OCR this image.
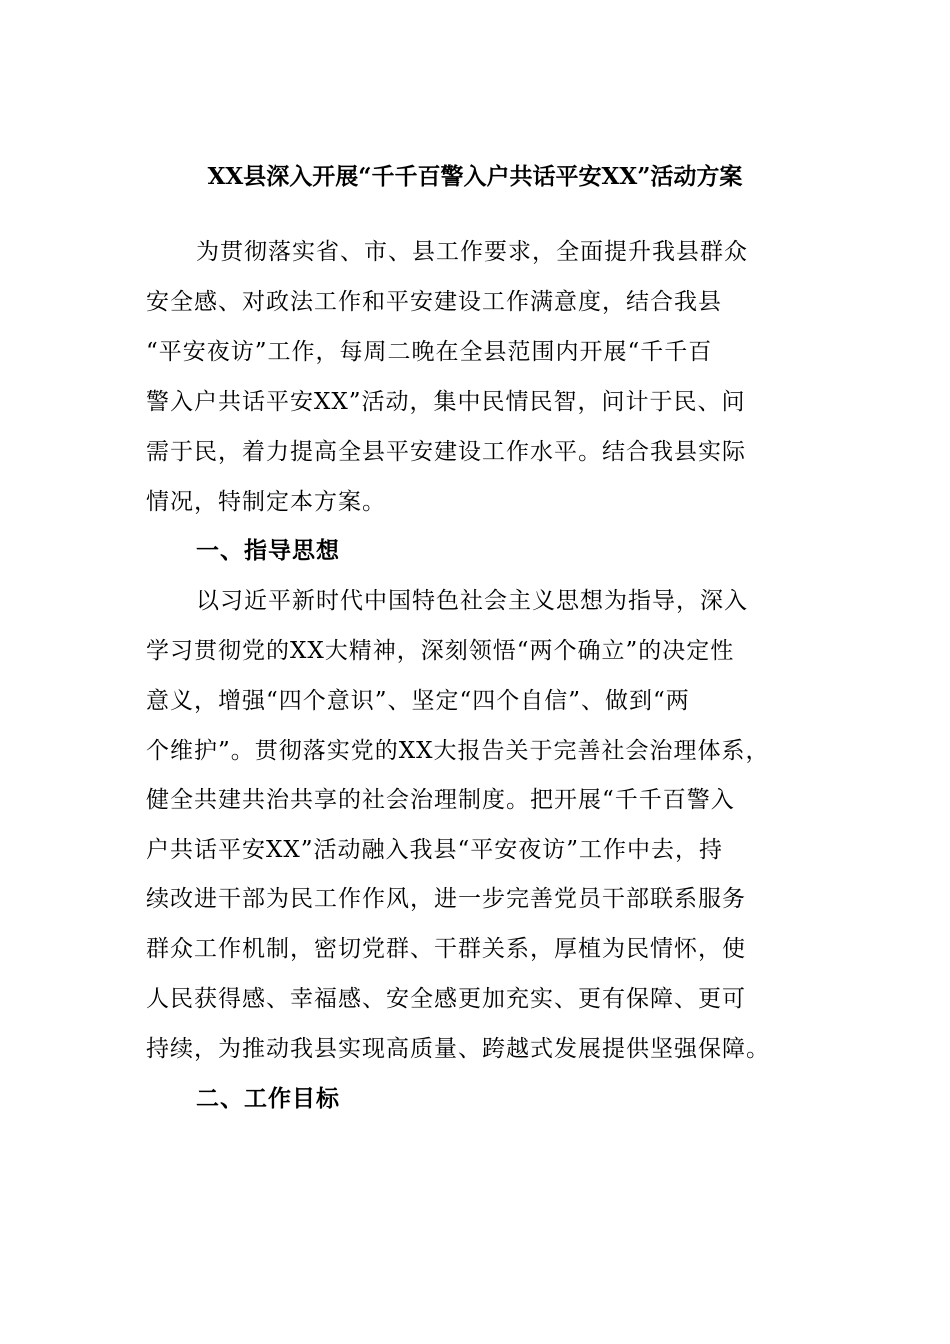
XX县深入开展“千千百警入户共话平安XX”活动方案
为贯彻落实省、市、县工作要求，全面提升我县群众
安全感、对政法工作和平安建设工作满意度，结合我县
“平安夜访”工作，每周二晚在全县范围内开展“千千百
警入户共话平安XX”活动，集中民情民智，问计于民、问
需于民，着力提高全县平安建设工作水平。结合我县实际
情况，特制定本方案。
一、指导思想
以习近平新时代中国特色社会主义思想为指导，深入
学习贯彻党的XX大精神，深刻领悟“两个确立”的决定性
意义，增强“四个意识”、坚定“四个自信”、做到“两
个维护”。贯彻落实党的XX大报告关于完善社会治理体系，
健全共建共治共享的社会治理制度。把开展“千千百警入
户共话平安XX”活动融入我县“平安夜访”工作中去，持
续改进干部为民工作作风，进一步完善党员干部联系服务
群众工作机制，密切党群、干群关系，厚植为民情怀，使
人民获得感、幸福感、安全感更加充实、更有保障、更可
持续，为推动我县实现高质量、跨越式发展提供坚强保障。
二、工作目标
